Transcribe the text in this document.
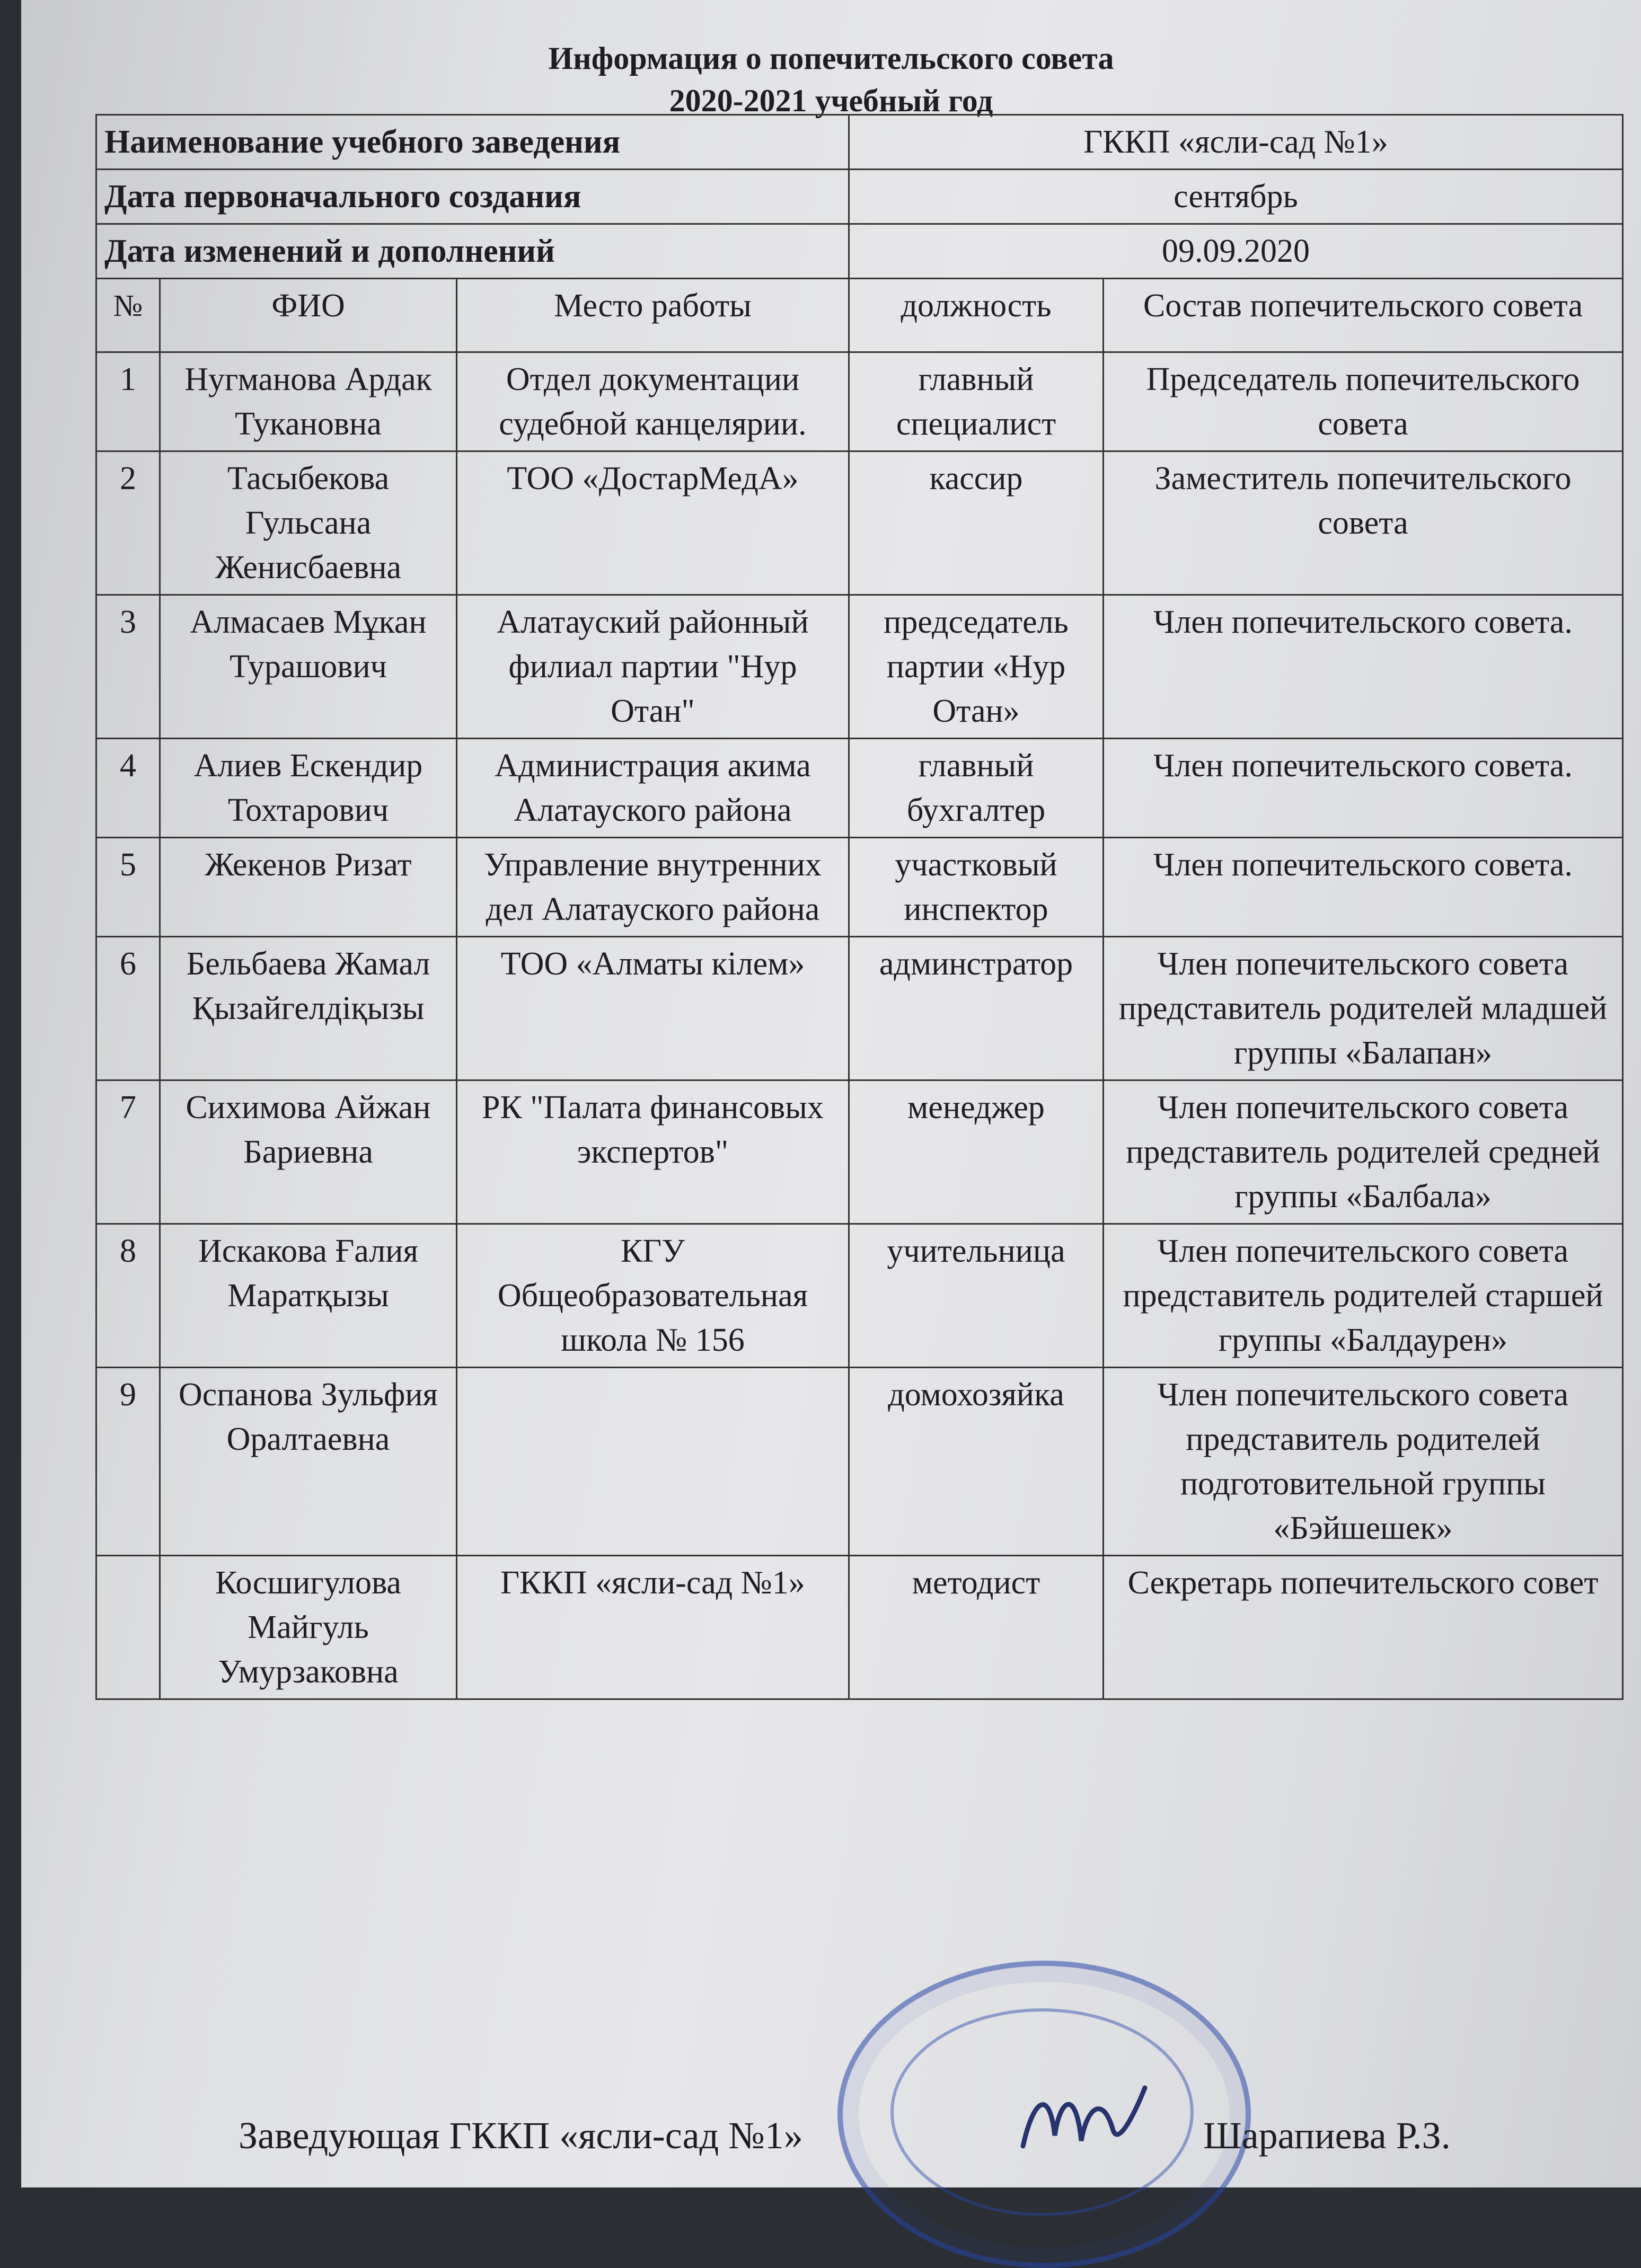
Информация о попечительского совета
2020-2021 учебный год
Наименование учебного заведения			ГККП «ясли-сад №1»	
Дата первоначального создания			сентябрь	
Дата изменений и дополнений			09.09.2020	
№	ФИО	Место работы	должность	Состав попечительского совета
1	Нугманова Ардак Тукановна	Отдел документации судебной канцелярии.	главный специалист	Председатель попечительского совета
2	Тасыбекова Гульсана Женисбаевна	ТОО «ДостарМедА»	кассир	Заместитель попечительского совета
3	Алмасаев Мұкан Турашович	Алатауский районный филиал партии "Нур Отан"	председатель партии «Нур Отан»	Член попечительского совета.
4	Алиев Ескендир Тохтарович	Администрация акима Алатауского района	главный бухгалтер	Член попечительского совета.
5	Жекенов Ризат	Управление внутренних дел Алатауского района	участковый инспектор	Член попечительского совета.
6	Бельбаева Жамал Қызайгелдіқызы	ТОО «Алматы кілем»	админстратор	Член попечительского совета представитель родителей младшей группы «Балапан»
7	Сихимова Айжан Бариевна	РК "Палата финансовых экспертов"	менеджер	Член попечительского совета представитель родителей средней группы «Балбала»
8	Искакова Ғалия Маратқызы	КГУ Общеобразовательная школа № 156	учительница	Член попечительского совета представитель родителей старшей группы «Балдаурен»
9	Оспанова Зульфия Оралтаевна		домохозяйка	Член попечительского совета представитель родителей подготовительной группы «Бэйшешек»
	Косшигулова Майгуль Умурзаковна	ГККП «ясли-сад №1»	методист	Секретарь попечительского совет
Заведующая ГККП «ясли-сад №1»	Шарапиева Р.З.
